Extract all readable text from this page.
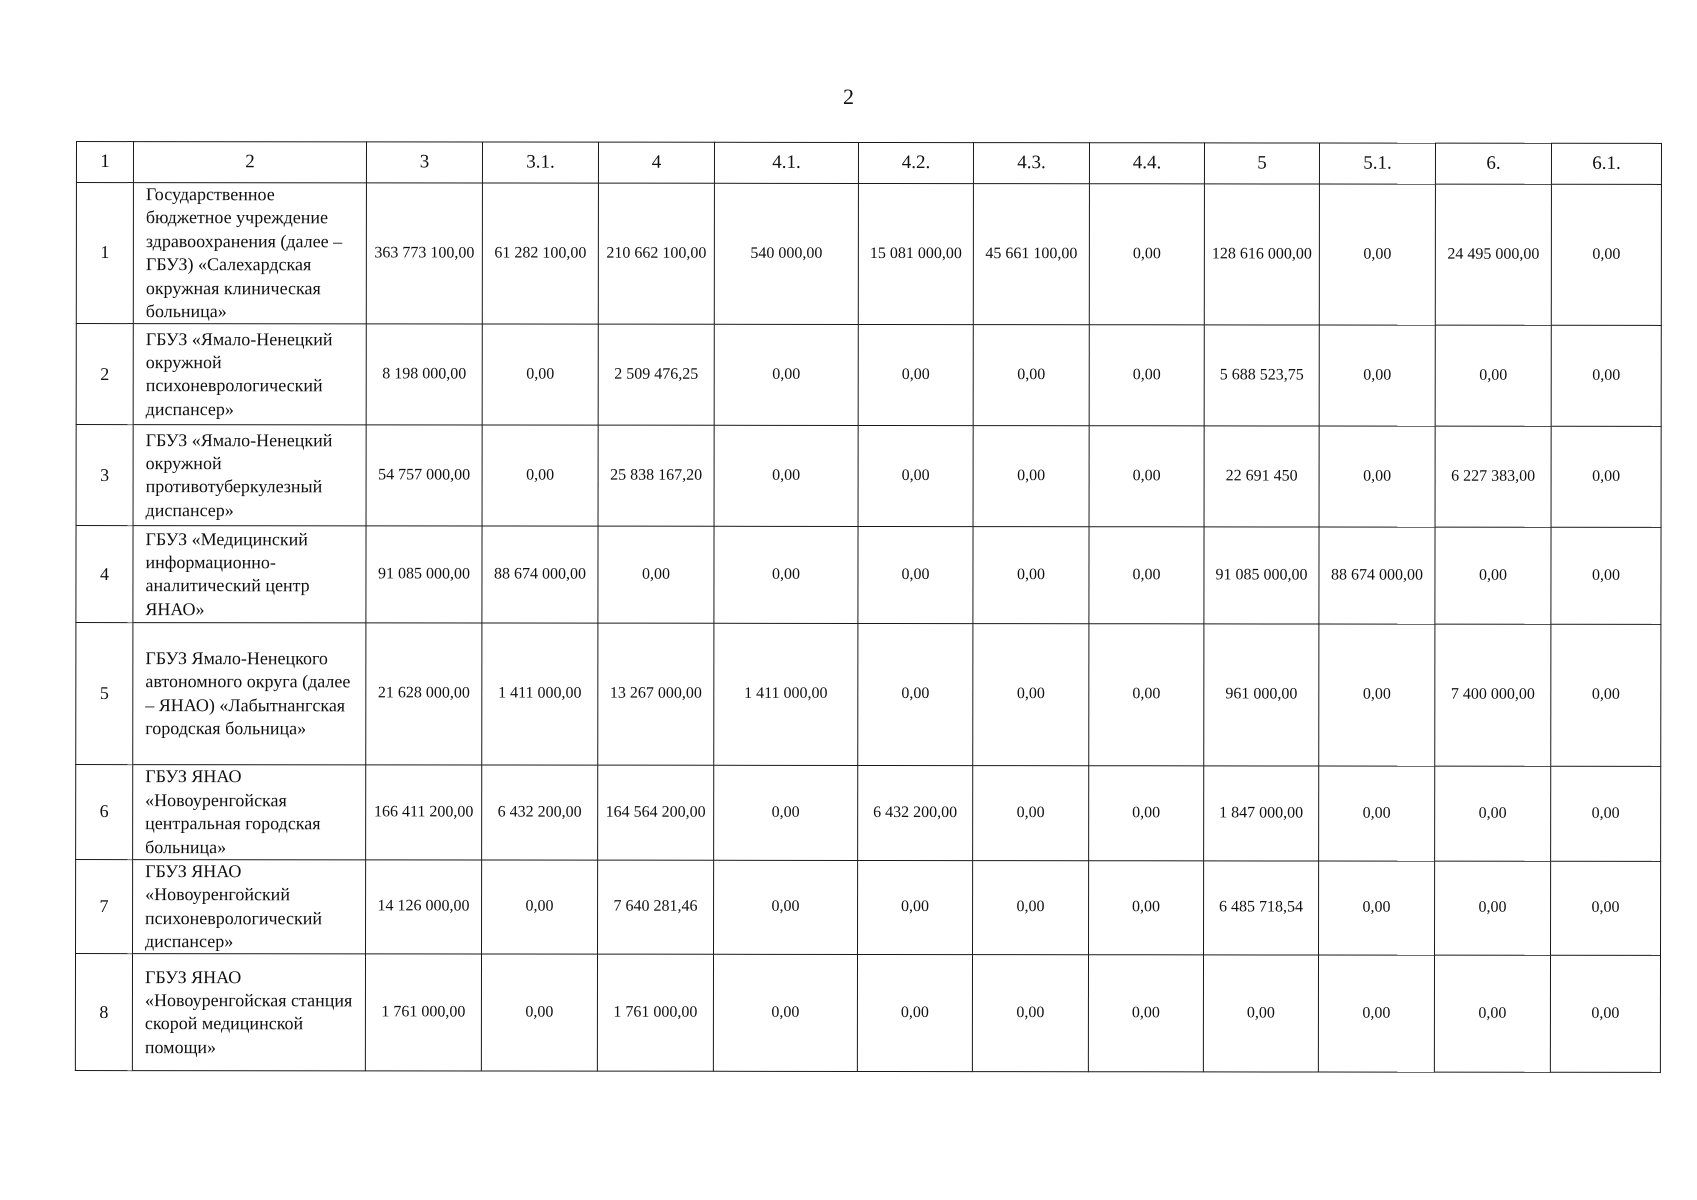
2
1	2	3	3.1.	4	4.1.	4.2.	4.3.	4.4.	5	5.1.	6.	6.1.
1	Государственное бюджетное учреждение здравоохранения (далее – ГБУЗ) «Салехардская окружная клиническая больница»	363 773 100,00	61 282 100,00	210 662 100,00	540 000,00	15 081 000,00	45 661 100,00	0,00	128 616 000,00	0,00	24 495 000,00	0,00
2	ГБУЗ «Ямало-Ненецкий окружной психоневрологический диспансер»	8 198 000,00	0,00	2 509 476,25	0,00	0,00	0,00	0,00	5 688 523,75	0,00	0,00	0,00
3	ГБУЗ «Ямало-Ненецкий окружной противотуберкулезный диспансер»	54 757 000,00	0,00	25 838 167,20	0,00	0,00	0,00	0,00	22 691 450	0,00	6 227 383,00	0,00
4	ГБУЗ «Медицинский информационно-аналитический центр ЯНАО»	91 085 000,00	88 674 000,00	0,00	0,00	0,00	0,00	0,00	91 085 000,00	88 674 000,00	0,00	0,00
5	ГБУЗ Ямало-Ненецкого автономного округа (далее – ЯНАО) «Лабытнангская городская больница»	21 628 000,00	1 411 000,00	13 267 000,00	1 411 000,00	0,00	0,00	0,00	961 000,00	0,00	7 400 000,00	0,00
6	ГБУЗ ЯНАО «Новоуренгойская центральная городская больница»	166 411 200,00	6 432 200,00	164 564 200,00	0,00	6 432 200,00	0,00	0,00	1 847 000,00	0,00	0,00	0,00
7	ГБУЗ ЯНАО «Новоуренгойский психоневрологический диспансер»	14 126 000,00	0,00	7 640 281,46	0,00	0,00	0,00	0,00	6 485 718,54	0,00	0,00	0,00
8	ГБУЗ ЯНАО «Новоуренгойская станция скорой медицинской помощи»	1 761 000,00	0,00	1 761 000,00	0,00	0,00	0,00	0,00	0,00	0,00	0,00	0,00
